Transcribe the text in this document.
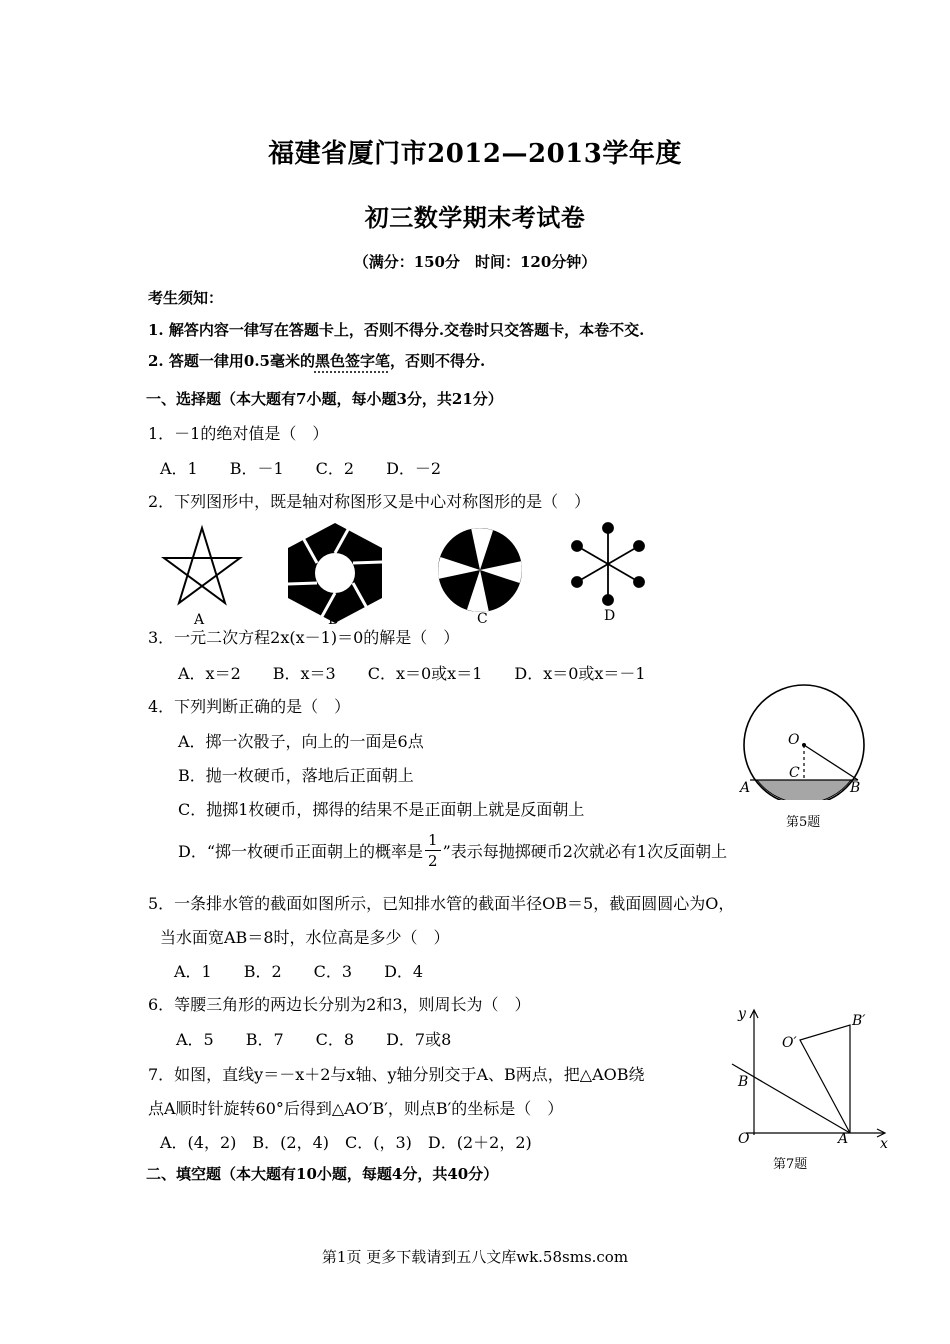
福建省厦门市2012—2013学年度
初三数学期末考试卷
（满分：150分　时间：120分钟）
考生须知：
1. 解答内容一律写在答题卡上，否则不得分.交卷时只交答题卡，本卷不交.
2. 答题一律用0.5毫米的黑色签字笔，否则不得分.
一、选择题（本大题有7小题，每小题3分，共21分）
1．－1的绝对值是（　）
A．1　　B．－1　　C．2　　D．－2
2．下列图形中，既是轴对称图形又是中心对称图形的是（　）
A	B	C	D
3．一元二次方程2x(x－1)＝0的解是（　）
A．x＝2　　B．x＝3　　C．x＝0或x＝1　　D．x＝0或x＝－1
4．下列判断正确的是（　）
A．掷一次骰子，向上的一面是6点
B．抛一枚硬币，落地后正面朝上
C．抛掷1枚硬币，掷得的结果不是正面朝上就是反面朝上
D．“掷一枚硬币正面朝上的概率是 $\frac{1}{2}$ ”表示每抛掷硬币2次就必有1次反面朝上
O
C
A	B
第5题
5．一条排水管的截面如图所示，已知排水管的截面半径OB＝5，截面圆圆心为O，
当水面宽AB＝8时，水位高是多少（　）
A．1　　B．2　　C．3　　D．4
6．等腰三角形的两边长分别为2和3，则周长为（　）
A．5　　B．7　　C．8　　D．7或8
y	B′
O′
B
O	A x
第7题
7．如图，直线y＝－x＋2与x轴、y轴分别交于A、B两点，把△AOB绕
点A顺时针旋转60°后得到△AO′B′，则点B′的坐标是（　）
A．(4，2)　B．(2，4)　C．(，3)　D．(2＋2，2)
二、填空题（本大题有10小题，每题4分，共40分）
第1页 更多下载请到五八文库wk.58sms.com
